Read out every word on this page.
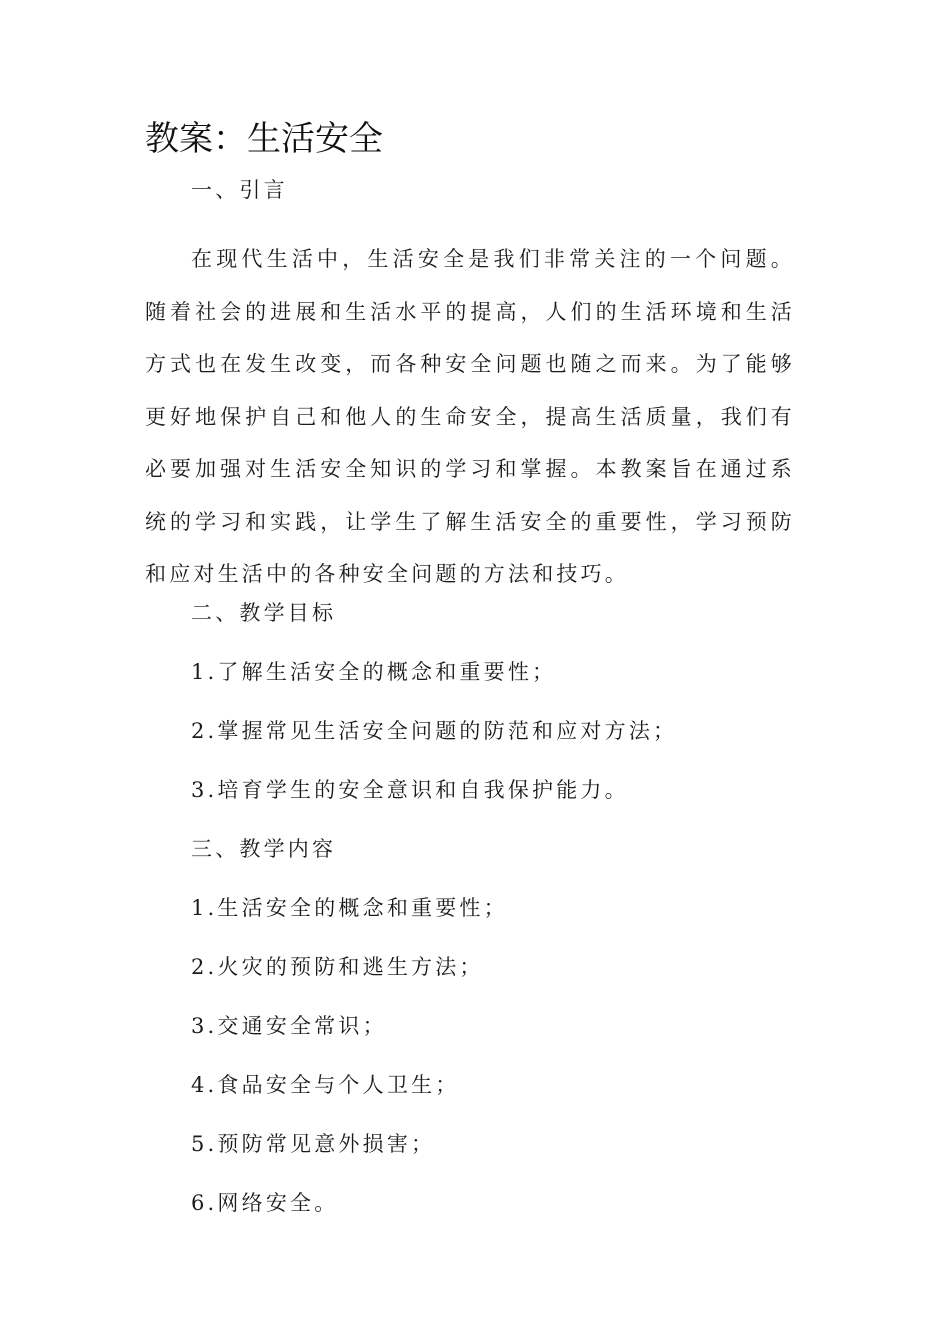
教案：生活安全

一、引言

在现代生活中，生活安全是我们非常关注的一个问题。随着社会的进展和生活水平的提高，人们的生活环境和生活方式也在发生改变，而各种安全问题也随之而来。为了能够更好地保护自己和他人的生命安全，提高生活质量，我们有必要加强对生活安全知识的学习和掌握。本教案旨在通过系统的学习和实践，让学生了解生活安全的重要性，学习预防和应对生活中的各种安全问题的方法和技巧。

二、教学目标

1.了解生活安全的概念和重要性；

2.掌握常见生活安全问题的防范和应对方法；

3.培育学生的安全意识和自我保护能力。

三、教学内容

1.生活安全的概念和重要性；

2.火灾的预防和逃生方法；

3.交通安全常识；

4.食品安全与个人卫生；

5.预防常见意外损害；

6.网络安全。
